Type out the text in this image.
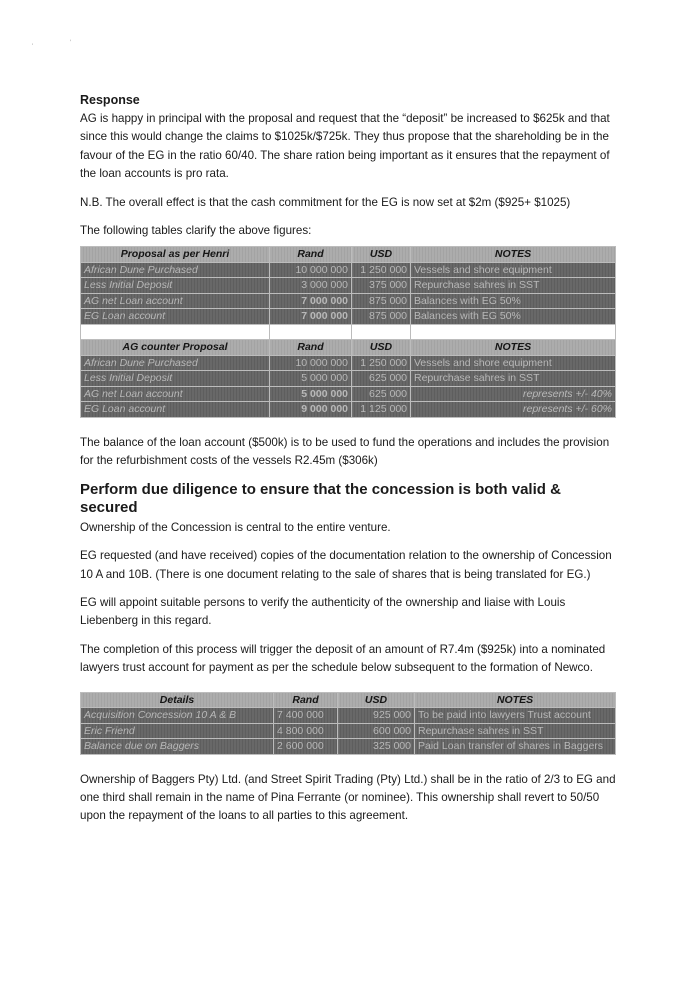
'
‘
Response

AG is happy in principal with the proposal and request that the “deposit” be increased to $625k and that since this would change the claims to $1025k/$725k. They thus propose that the shareholding be in the favour of the EG in the ratio 60/40. The share ration being important as it ensures that the repayment of the loan accounts is pro rata.

N.B. The overall effect is that the cash commitment for the EG is now set at $2m ($925+ $1025)

The following tables clarify the above figures:

Proposal as per Henri	Rand	USD	NOTES
African Dune Purchased	10 000 000	1 250 000	Vessels and shore equipment
Less Initial Deposit	3 000 000	375 000	Repurchase sahres in SST
AG net Loan account	7 000 000	875 000	Balances with EG 50%
EG Loan account	7 000 000	875 000	Balances with EG 50%

AG counter Proposal	Rand	USD	NOTES
African Dune Purchased	10 000 000	1 250 000	Vessels and shore equipment
Less Initial Deposit	5 000 000	625 000	Repurchase sahres in SST
AG net Loan account	5 000 000	625 000	represents +/- 40%
EG Loan account	9 000 000	1 125 000	represents +/- 60%

The balance of the loan account ($500k) is to be used to fund the operations and includes the provision for the refurbishment costs of the vessels R2.45m ($306k)

Perform due diligence to ensure that the concession is both valid & secured

Ownership of the Concession is central to the entire venture.

EG requested (and have received) copies of the documentation relation to the ownership of Concession 10 A and 10B. (There is one document relating to the sale of shares that is being translated for EG.)

EG will appoint suitable persons to verify the authenticity of the ownership and liaise with Louis Liebenberg in this regard.

The completion of this process will trigger the deposit of an amount of R7.4m ($925k) into a nominated lawyers trust account for payment as per the schedule below subsequent to the formation of Newco.

Details	Rand	USD	NOTES
Acquisition Concession 10 A & B	7 400 000	925 000	To be paid into lawyers Trust account
Eric Friend	4 800 000	600 000	Repurchase sahres in SST
Balance due on Baggers	2 600 000	325 000	Paid Loan transfer of shares in Baggers

Ownership of Baggers Pty) Ltd. (and Street Spirit Trading (Pty) Ltd.) shall be in the ratio of 2/3 to EG and one third shall remain in the name of Pina Ferrante (or nominee). This ownership shall revert to 50/50 upon the repayment of the loans to all parties to this agreement.
